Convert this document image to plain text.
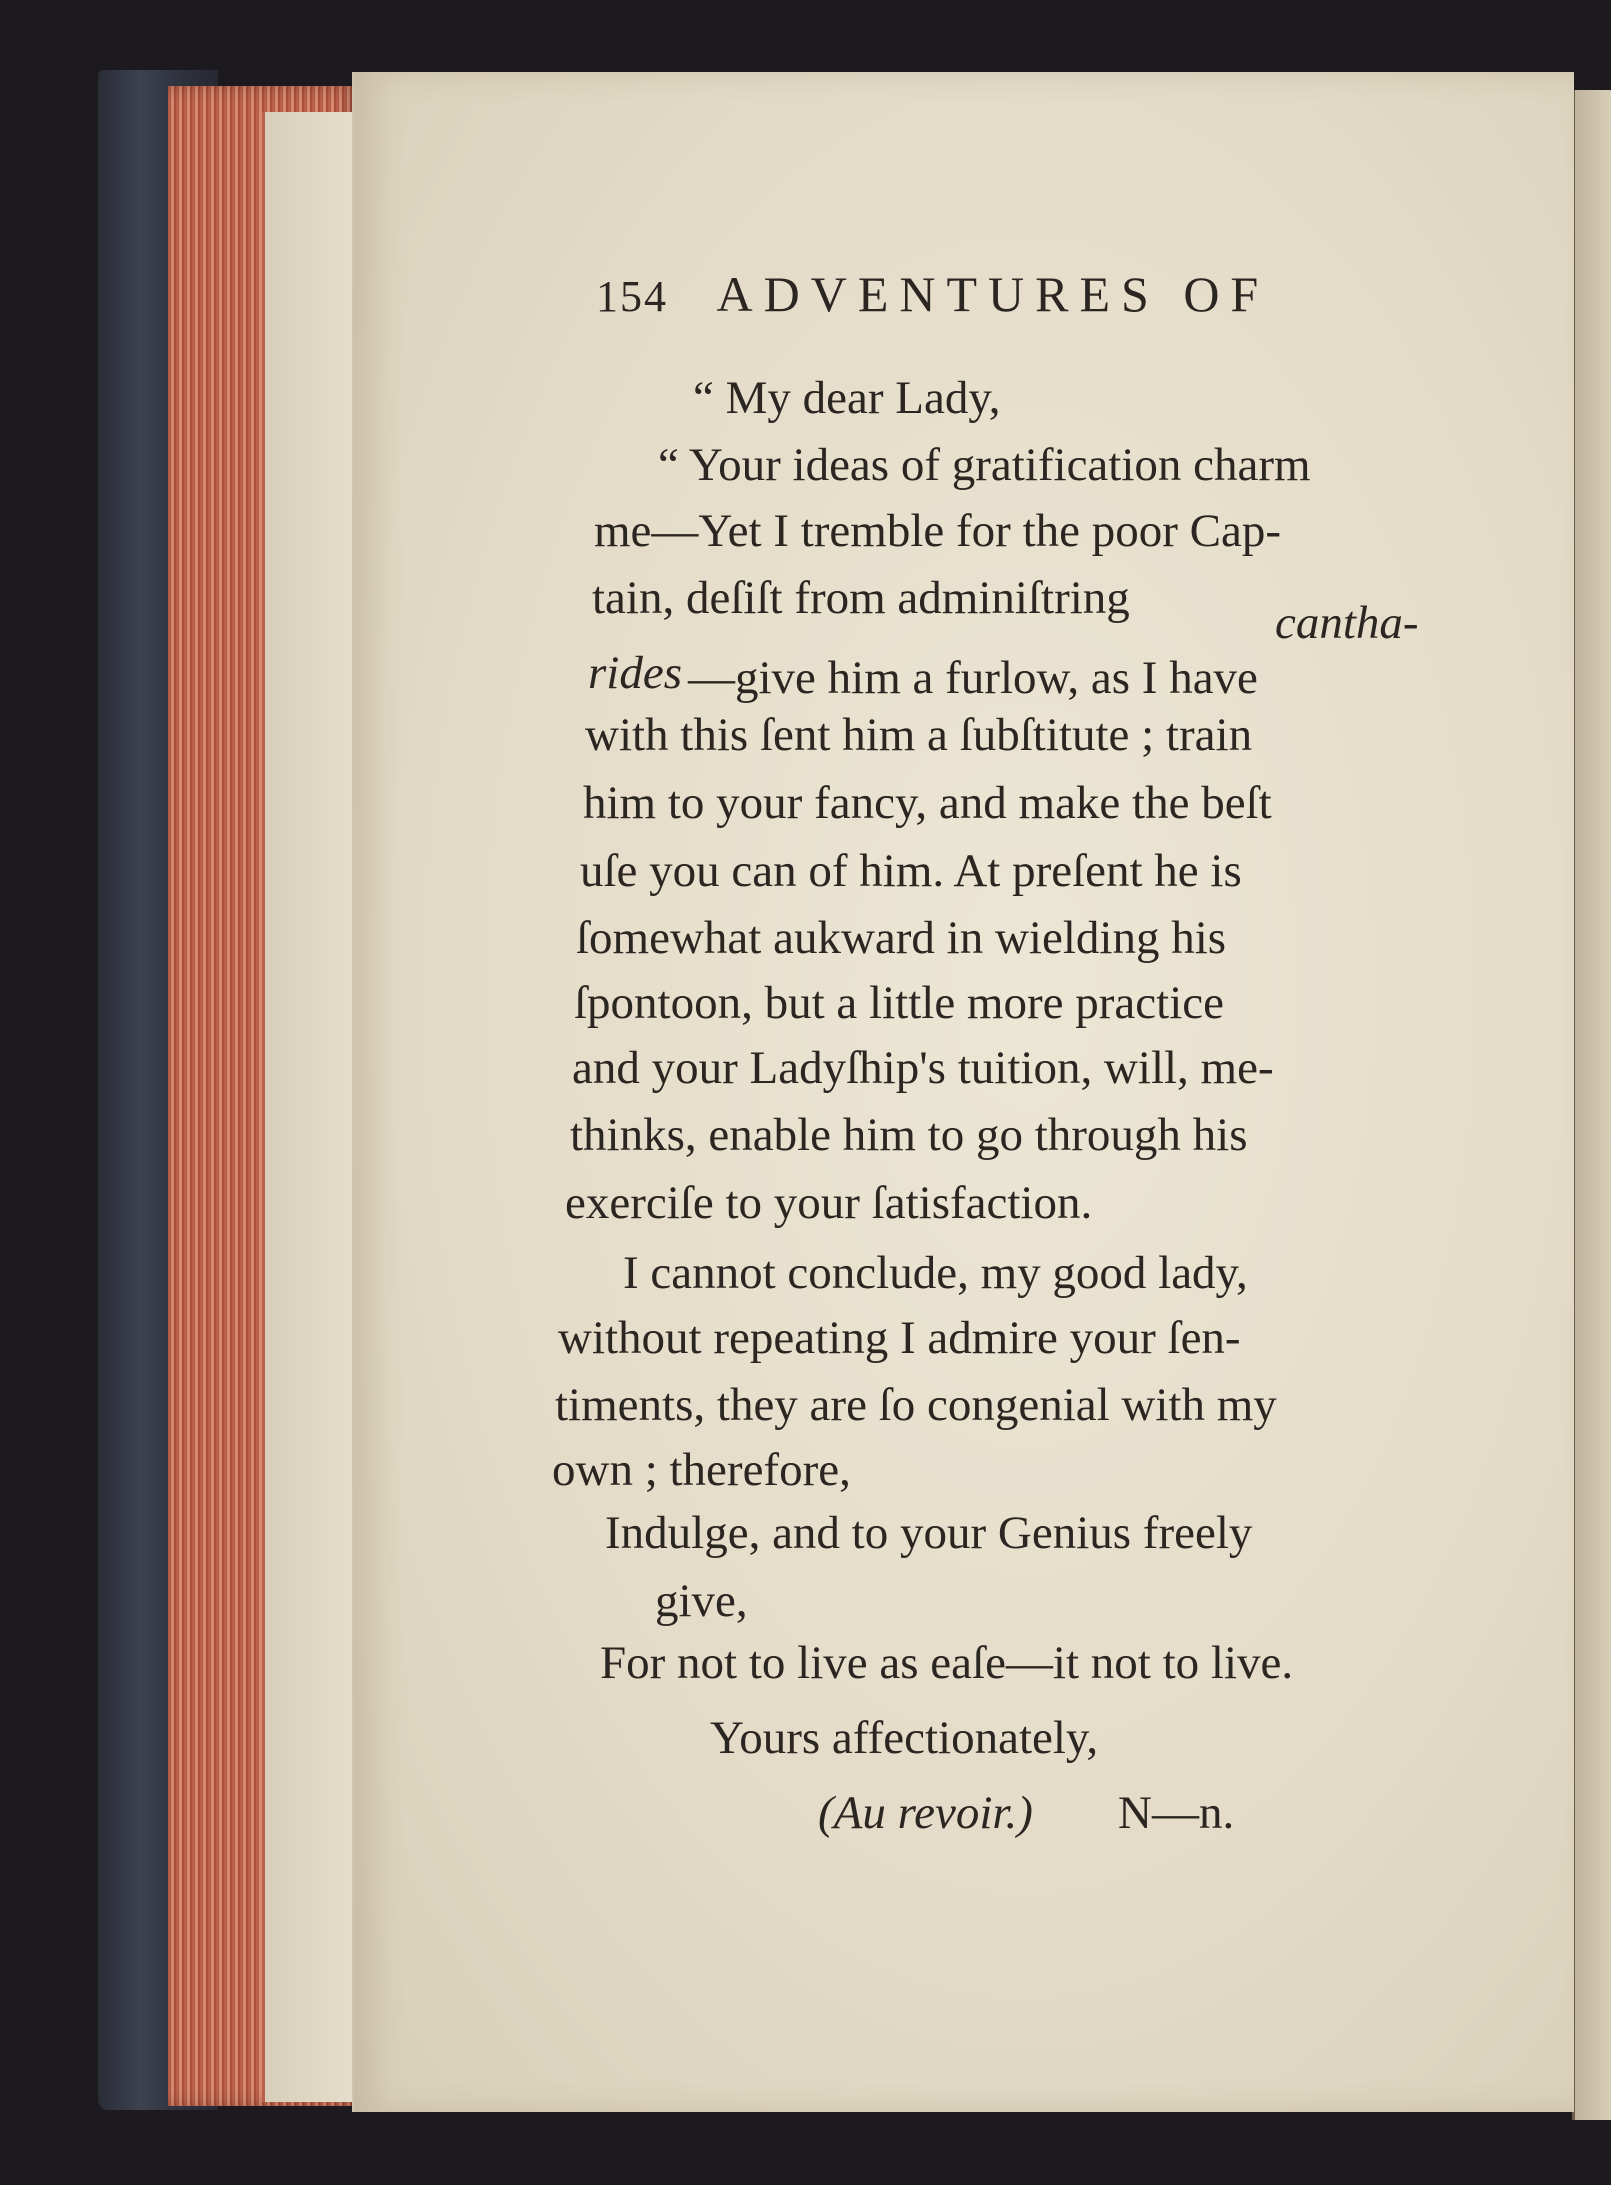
154 ADVENTURES OF
“ My dear Lady,
“ Your ideas of gratification charm
me—Yet I tremble for the poor Cap-
tain, deſiſt from adminiſtring	cantha-
rides —give him a furlow, as I have
with this ſent him a ſubſtitute ; train
him to your fancy, and make the beſt
uſe you can of him. At preſent he is
ſomewhat aukward in wielding his
ſpontoon, but a little more practice
and your Ladyſhip's tuition, will, me-
thinks, enable him to go through his
exerciſe to your ſatisfaction.
I cannot conclude, my good lady,
without repeating I admire your ſen-
timents, they are ſo congenial with my
own ; therefore,
Indulge, and to your Genius freely
give,
For not to live as eaſe—it not to live.
Yours affectionately,
(Au revoir.) N—n.
